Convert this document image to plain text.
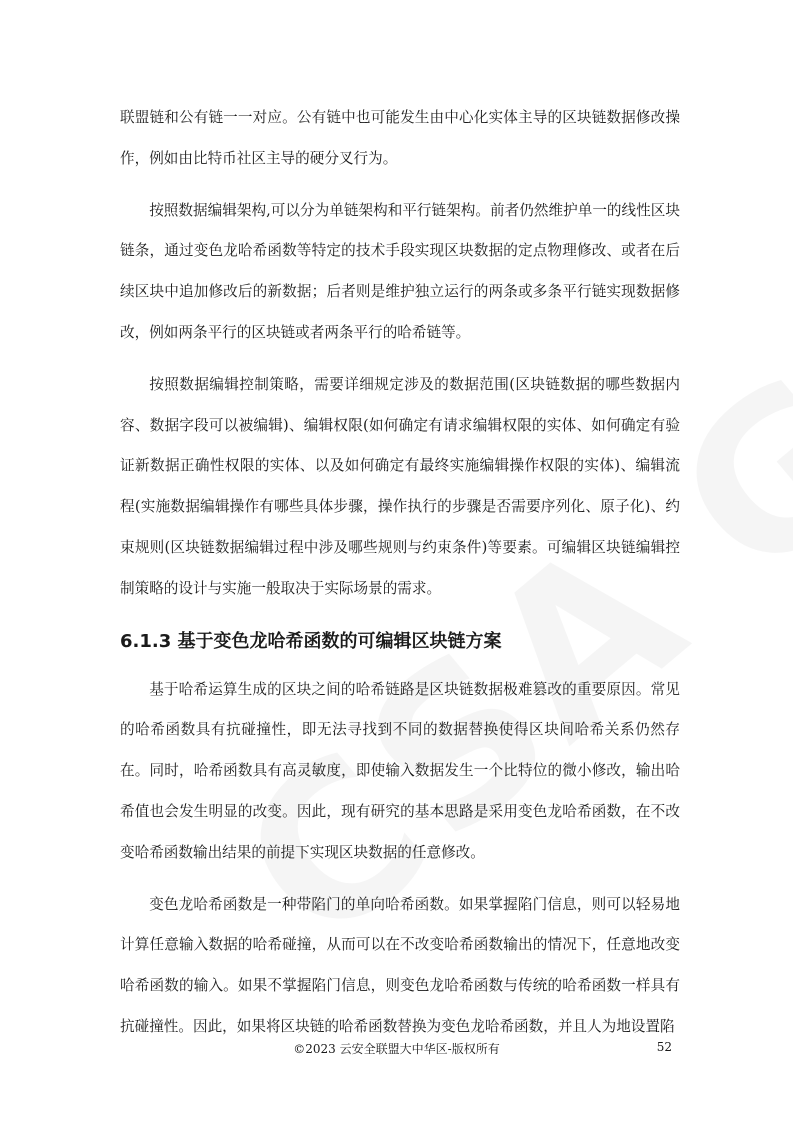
联盟链和公有链一一对应。公有链中也可能发生由中心化实体主导的区块链数据修改操作，例如由比特币社区主导的硬分叉行为。

按照数据编辑架构,可以分为单链架构和平行链架构。前者仍然维护单一的线性区块链条，通过变色龙哈希函数等特定的技术手段实现区块数据的定点物理修改、或者在后续区块中追加修改后的新数据；后者则是维护独立运行的两条或多条平行链实现数据修改，例如两条平行的区块链或者两条平行的哈希链等。

按照数据编辑控制策略，需要详细规定涉及的数据范围(区块链数据的哪些数据内容、数据字段可以被编辑)、编辑权限(如何确定有请求编辑权限的实体、如何确定有验证新数据正确性权限的实体、以及如何确定有最终实施编辑操作权限的实体)、编辑流程(实施数据编辑操作有哪些具体步骤，操作执行的步骤是否需要序列化、原子化)、约束规则(区块链数据编辑过程中涉及哪些规则与约束条件)等要素。可编辑区块链编辑控制策略的设计与实施一般取决于实际场景的需求。

6.1.3 基于变色龙哈希函数的可编辑区块链方案

基于哈希运算生成的区块之间的哈希链路是区块链数据极难篡改的重要原因。常见的哈希函数具有抗碰撞性，即无法寻找到不同的数据替换使得区块间哈希关系仍然存在。同时，哈希函数具有高灵敏度，即使输入数据发生一个比特位的微小修改，输出哈希值也会发生明显的改变。因此，现有研究的基本思路是采用变色龙哈希函数，在不改变哈希函数输出结果的前提下实现区块数据的任意修改。

变色龙哈希函数是一种带陷门的单向哈希函数。如果掌握陷门信息，则可以轻易地计算任意输入数据的哈希碰撞，从而可以在不改变哈希函数输出的情况下，任意地改变哈希函数的输入。如果不掌握陷门信息，则变色龙哈希函数与传统的哈希函数一样具有抗碰撞性。因此，如果将区块链的哈希函数替换为变色龙哈希函数，并且人为地设置陷

©2023 云安全联盟大中华区-版权所有	52
